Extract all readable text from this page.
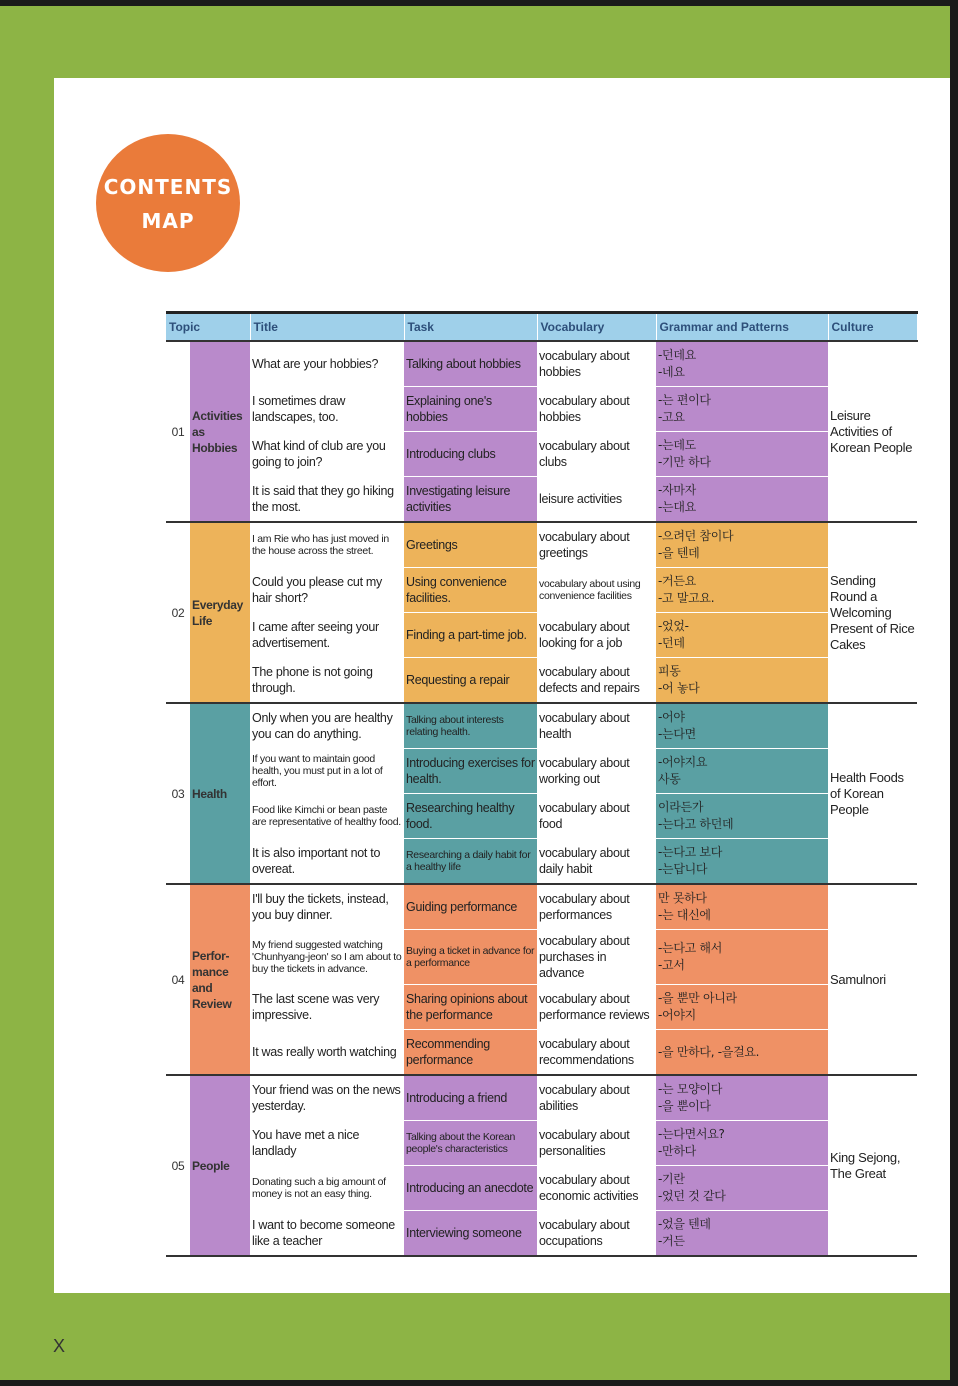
CONTENTS
MAP
Topic		Title	Task	Vocabulary	Grammar and Patterns	Culture
01	Activities as Hobbies	What are your hobbies?	Talking about hobbies	vocabulary about hobbies	-던데요
-네요	Leisure Activities of Korean People
		I sometimes draw landscapes, too.	Explaining one's hobbies	vocabulary about hobbies	-는 편이다
-고요	
		What kind of club are you going to join?	Introducing clubs	vocabulary about clubs	-는데도
-기만 하다	
		It is said that they go hiking the most.	Investigating leisure activities	leisure activities	-자마자
-는대요	
02	Everyday Life	I am Rie who has just moved in the house across the street.	Greetings	vocabulary about greetings	-으려던 참이다
-을 텐데	Sending Round a Welcoming Present of Rice Cakes
		Could you please cut my hair short?	Using convenience facilities.	vocabulary about using convenience facilities	-거든요
-고 말고요.	
		I came after seeing your advertisement.	Finding a part-time job.	vocabulary about looking for a job	-었었-
-던데	
		The phone is not going through.	Requesting a repair	vocabulary about defects and repairs	피동
-어 놓다	
03	Health	Only when you are healthy you can do anything.	Talking about interests relating health.	vocabulary about health	-어야
-는다면	Health Foods of Korean People
		If you want to maintain good health, you must put in a lot of effort.	Introducing exercises for health.	vocabulary about working out	-어야지요
사동	
		Food like Kimchi or bean paste are representative of healthy food.	Researching healthy food.	vocabulary about food	이라든가
-는다고 하던데	
		It is also important not to overeat.	Researching a daily habit for a healthy life	vocabulary about daily habit	-는다고 보다
-는답니다	
04	Perfor-mance and Review	I'll buy the tickets, instead, you buy dinner.	Guiding performance	vocabulary about performances	만 못하다
-는 대신에	Samulnori
		My friend suggested watching 'Chunhyang-jeon' so I am about to buy the tickets in advance.	Buying a ticket in advance for a performance	vocabulary about purchases in advance	-는다고 해서
-고서	
		The last scene was very impressive.	Sharing opinions about the performance	vocabulary about performance reviews	-을 뿐만 아니라
-어야지	
		It was really worth watching	Recommending performance	vocabulary about recommendations	-을 만하다, -을걸요.	
05	People	Your friend was on the news yesterday.	Introducing a friend	vocabulary about abilities	-는 모양이다
-을 뿐이다	King Sejong, The Great
		You have met a nice landlady	Talking about the Korean people's characteristics	vocabulary about personalities	-는다면서요?
-만하다	
		Donating such a big amount of money is not an easy thing.	Introducing an anecdote	vocabulary about economic activities	-기란
-었던 것 같다	
		I want to become someone like a teacher	Interviewing someone	vocabulary about occupations	-었을 텐데
-거든	
X
